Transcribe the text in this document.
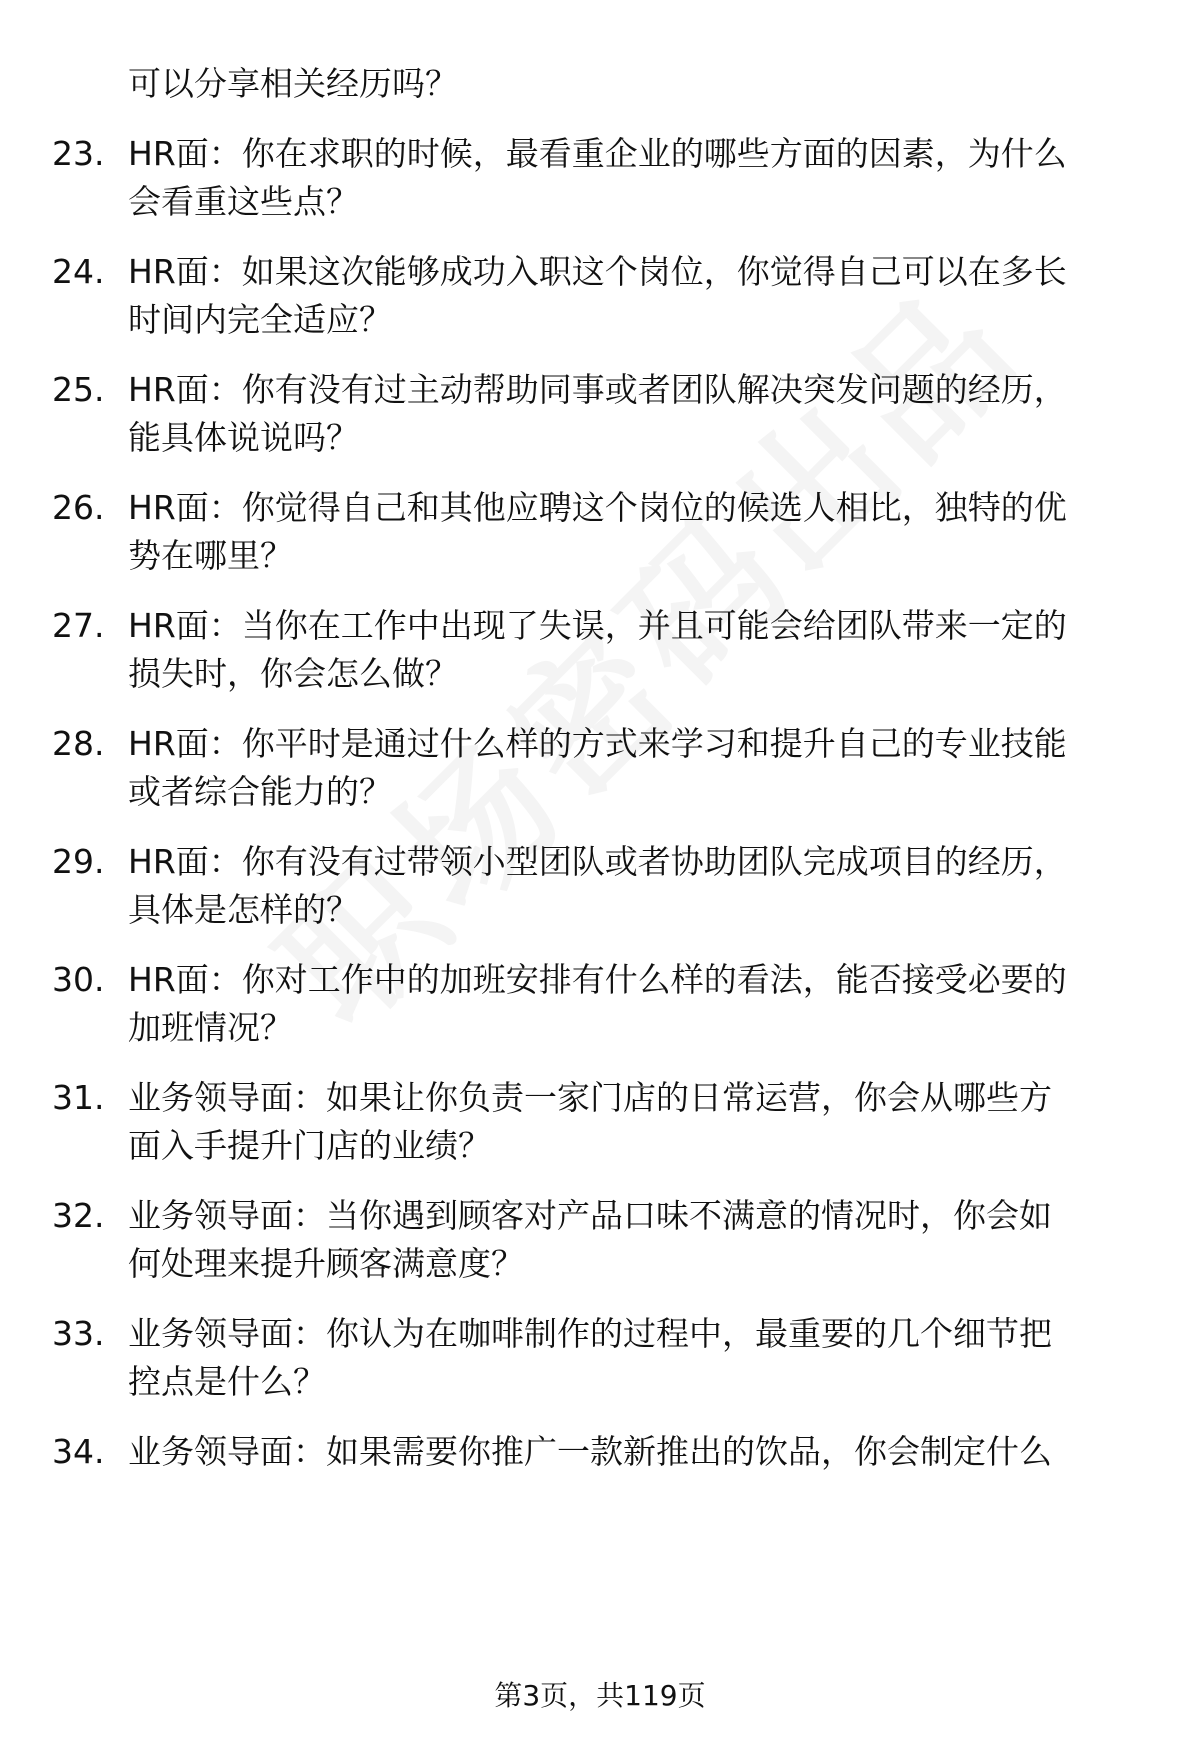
可以分享相关经历吗？

23. HR面：你在求职的时候，最看重企业的哪些方面的因素，为什么
会看重这些点？
24. HR面：如果这次能够成功入职这个岗位，你觉得自己可以在多长
时间内完全适应？
25. HR面：你有没有过主动帮助同事或者团队解决突发问题的经历，
能具体说说吗？
26. HR面：你觉得自己和其他应聘这个岗位的候选人相比，独特的优
势在哪里？
27. HR面：当你在工作中出现了失误，并且可能会给团队带来一定的
损失时，你会怎么做？
28. HR面：你平时是通过什么样的方式来学习和提升自己的专业技能
或者综合能力的？
29. HR面：你有没有过带领小型团队或者协助团队完成项目的经历，
具体是怎样的？
30. HR面：你对工作中的加班安排有什么样的看法，能否接受必要的
加班情况？
31. 业务领导面：如果让你负责一家门店的日常运营，你会从哪些方
面入手提升门店的业绩？
32. 业务领导面：当你遇到顾客对产品口味不满意的情况时，你会如
何处理来提升顾客满意度？
33. 业务领导面：你认为在咖啡制作的过程中，最重要的几个细节把
控点是什么？
34. 业务领导面：如果需要你推广一款新推出的饮品，你会制定什么
第3页，共119页
